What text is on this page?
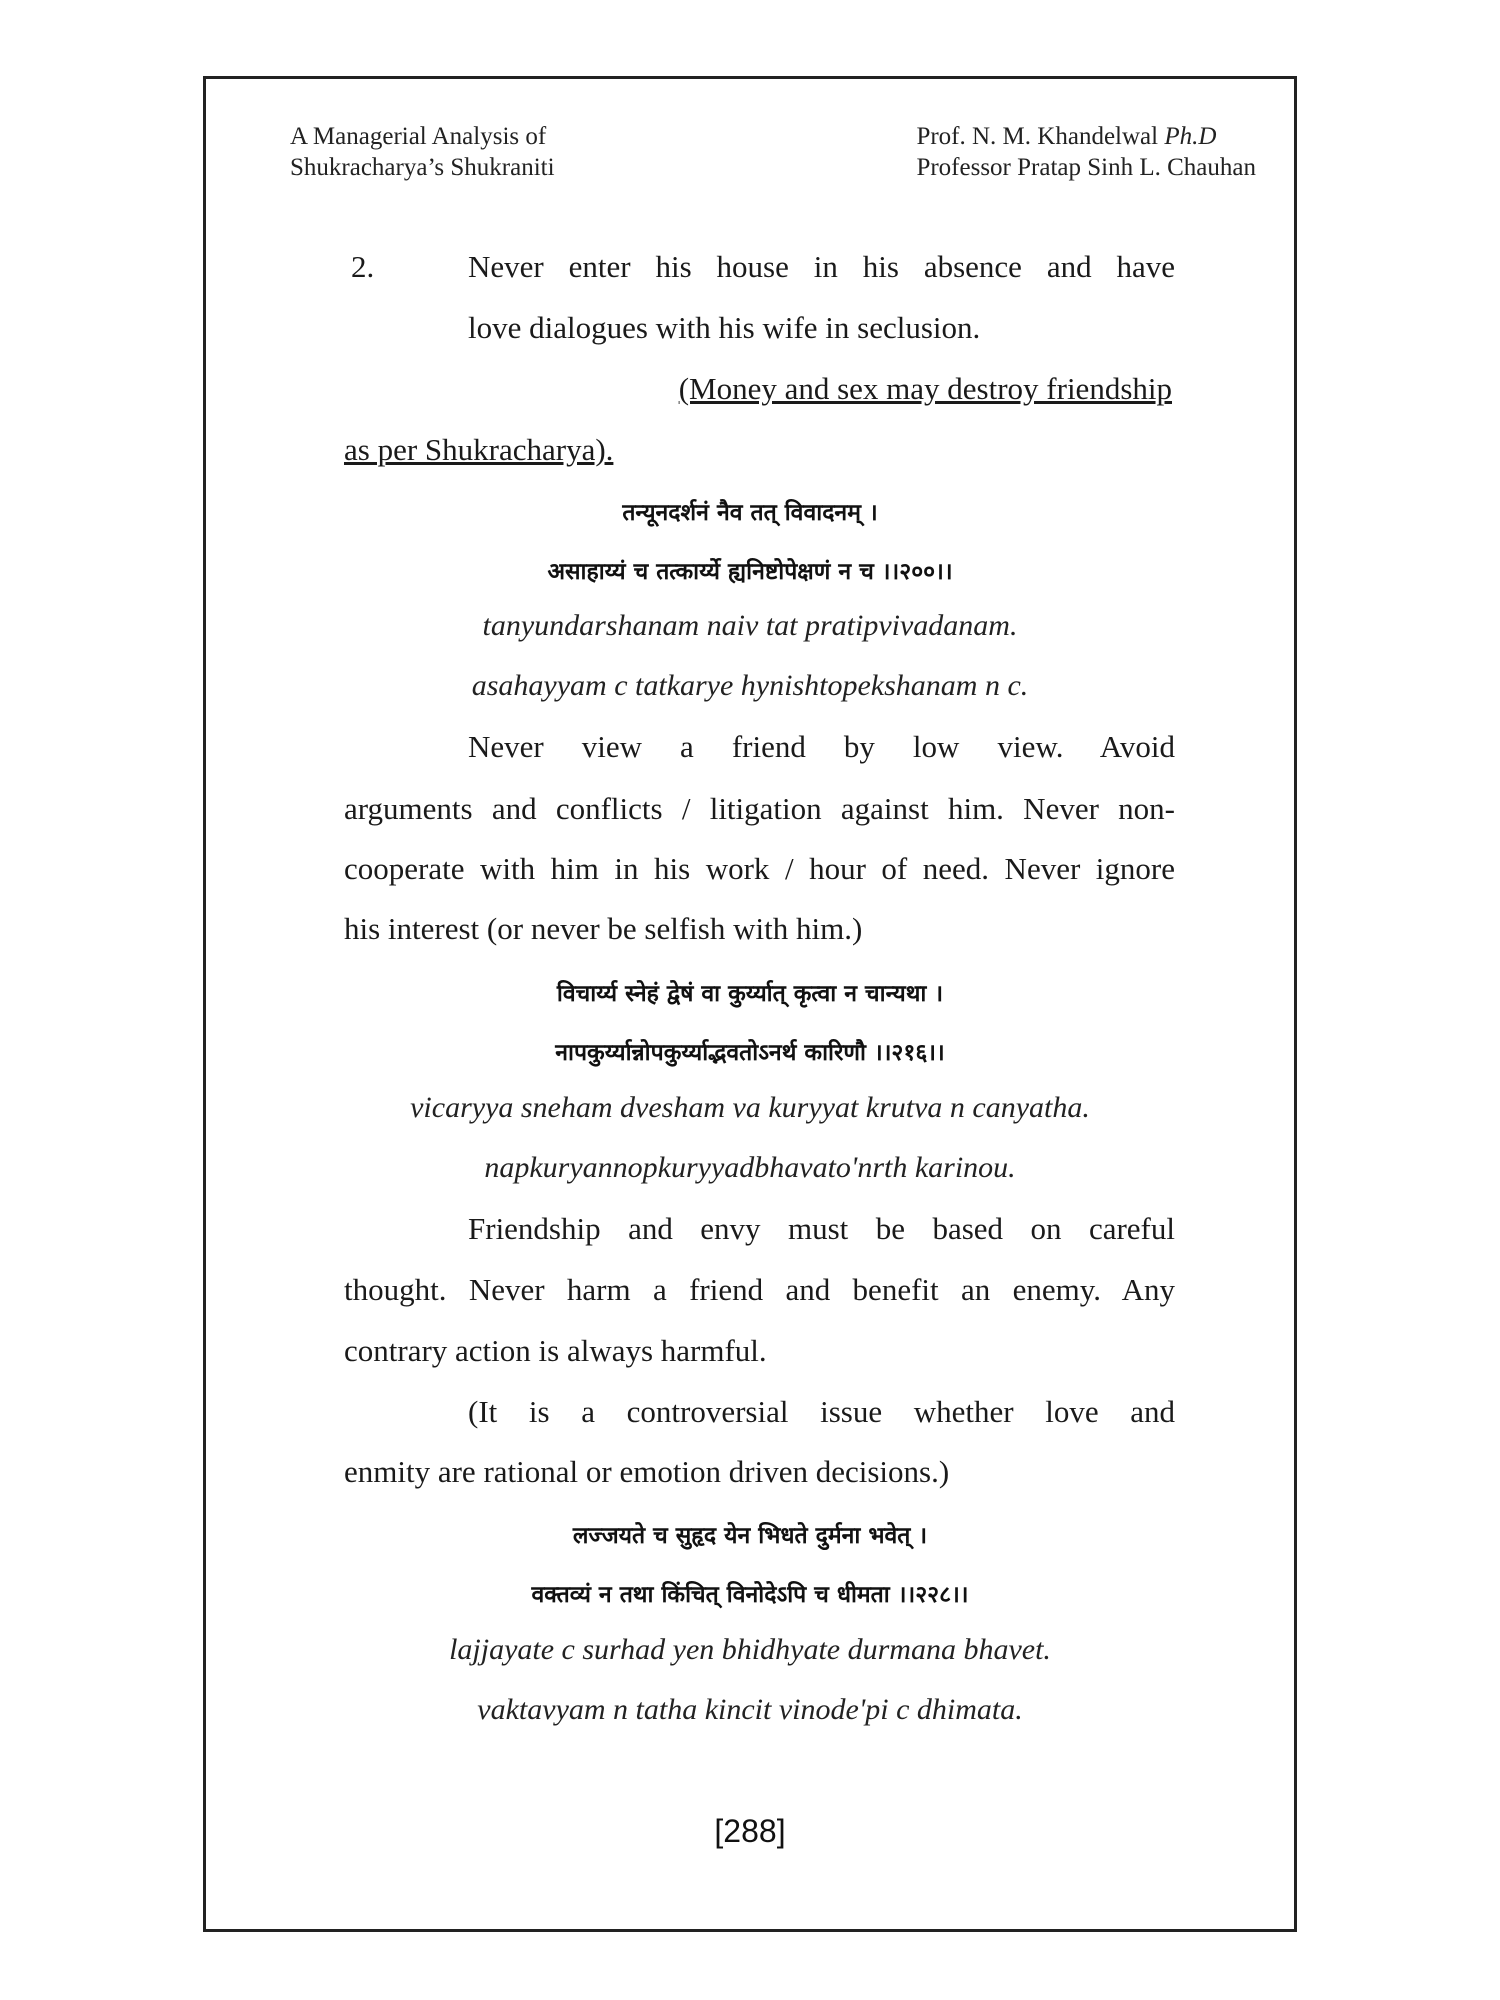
A Managerial Analysis of
Shukracharya’s Shukraniti
Prof. N. M. Khandelwal Ph.D
Professor Pratap Sinh L. Chauhan
2.	Never enter his house in his absence and have
love dialogues with his wife in seclusion.
(Money and sex may destroy friendship
as per Shukracharya).
तन्यूनदर्शनं नैव तत् विवादनम् ।
असाहाय्यं च तत्कार्य्ये ह्यनिष्टोपेक्षणं न च ।।२००।।
tanyundarshanam naiv tat pratipvivadanam.
asahayyam c tatkarye hynishtopekshanam n c.
Never view a friend by low view. Avoid
arguments and conflicts / litigation against him. Never non-
cooperate with him in his work / hour of need. Never ignore
his interest (or never be selfish with him.)
विचार्य्य स्नेहं द्वेषं वा कुर्य्यात् कृत्वा न चान्यथा ।
नापकुर्य्यान्नोपकुर्य्याद्भवतोऽनर्थ कारिणौ ।।२१६।।
vicaryya sneham dvesham va kuryyat krutva n canyatha.
napkuryannopkuryyadbhavato'nrth karinou.
Friendship and envy must be based on careful
thought. Never harm a friend and benefit an enemy. Any
contrary action is always harmful.
(It is a controversial issue whether love and
enmity are rational or emotion driven decisions.)
लज्जयते च सुहृद येन भिधते दुर्मना भवेत् ।
वक्तव्यं न तथा किंचित् विनोदेऽपि च धीमता ।।२२८।।
lajjayate c surhad yen bhidhyate durmana bhavet.
vaktavyam n tatha kincit vinode'pi c dhimata.
[288]
